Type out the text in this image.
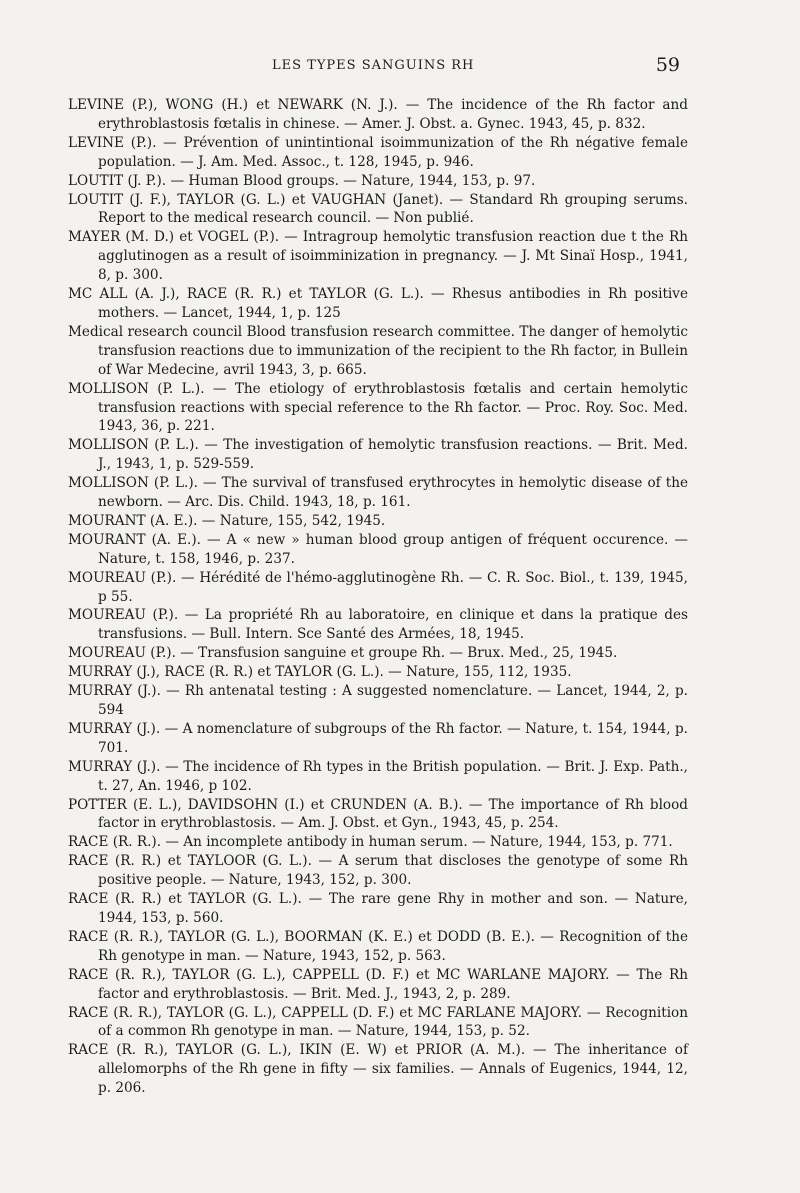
LES TYPES SANGUINS RH	59

LEVINE (P.), WONG (H.) et NEWARK (N. J.). — The incidence of the Rh factor and erythroblastosis fœtalis in chinese. — Amer. J. Obst. a. Gynec. 1943, 45, p. 832.

LEVINE (P.). — Prévention of unintintional isoimmunization of the Rh négative female population. — J. Am. Med. Assoc., t. 128, 1945, p. 946.

LOUTIT (J. P.). — Human Blood groups. — Nature, 1944, 153, p. 97.

LOUTIT (J. F.), TAYLOR (G. L.) et VAUGHAN (Janet). — Standard Rh grouping serums. Report to the medical research council. — Non publié.

MAYER (M. D.) et VOGEL (P.). — Intragroup hemolytic transfusion reaction due t the Rh agglutinogen as a result of isoimminization in pregnancy. — J. Mt Sinaï Hosp., 1941, 8, p. 300.

MC ALL (A. J.), RACE (R. R.) et TAYLOR (G. L.). — Rhesus antibodies in Rh positive mothers. — Lancet, 1944, 1, p. 125

Medical research council Blood transfusion research committee. The danger of hemolytic transfusion reactions due to immunization of the recipient to the Rh factor, in Bullein of War Medecine, avril 1943, 3, p. 665.

MOLLISON (P. L.). — The etiology of erythroblastosis fœtalis and certain hemolytic transfusion reactions with special reference to the Rh factor. — Proc. Roy. Soc. Med. 1943, 36, p. 221.

MOLLISON (P. L.). — The investigation of hemolytic transfusion reactions. — Brit. Med. J., 1943, 1, p. 529-559.

MOLLISON (P. L.). — The survival of transfused erythrocytes in hemolytic disease of the newborn. — Arc. Dis. Child. 1943, 18, p. 161.

MOURANT (A. E.). — Nature, 155, 542, 1945.

MOURANT (A. E.). — A « new » human blood group antigen of fréquent occurence. — Nature, t. 158, 1946, p. 237.

MOUREAU (P.). — Hérédité de l'hémo-agglutinogène Rh. — C. R. Soc. Biol., t. 139, 1945, p 55.

MOUREAU (P.). — La propriété Rh au laboratoire, en clinique et dans la pratique des transfusions. — Bull. Intern. Sce Santé des Armées, 18, 1945.

MOUREAU (P.). — Transfusion sanguine et groupe Rh. — Brux. Med., 25, 1945.

MURRAY (J.), RACE (R. R.) et TAYLOR (G. L.). — Nature, 155, 112, 1935.

MURRAY (J.). — Rh antenatal testing : A suggested nomenclature. — Lancet, 1944, 2, p. 594

MURRAY (J.). — A nomenclature of subgroups of the Rh factor. — Nature, t. 154, 1944, p. 701.

MURRAY (J.). — The incidence of Rh types in the British population. — Brit. J. Exp. Path., t. 27, An. 1946, p 102.

POTTER (E. L.), DAVIDSOHN (I.) et CRUNDEN (A. B.). — The importance of Rh blood factor in erythroblastosis. — Am. J. Obst. et Gyn., 1943, 45, p. 254.

RACE (R. R.). — An incomplete antibody in human serum. — Nature, 1944, 153, p. 771.

RACE (R. R.) et TAYLOOR (G. L.). — A serum that discloses the genotype of some Rh positive people. — Nature, 1943, 152, p. 300.

RACE (R. R.) et TAYLOR (G. L.). — The rare gene Rhy in mother and son. — Nature, 1944, 153, p. 560.

RACE (R. R.), TAYLOR (G. L.), BOORMAN (K. E.) et DODD (B. E.). — Recognition of the Rh genotype in man. — Nature, 1943, 152, p. 563.

RACE (R. R.), TAYLOR (G. L.), CAPPELL (D. F.) et MC WARLANE MAJORY. — The Rh factor and erythroblastosis. — Brit. Med. J., 1943, 2, p. 289.

RACE (R. R.), TAYLOR (G. L.), CAPPELL (D. F.) et MC FARLANE MAJORY. — Recognition of a common Rh genotype in man. — Nature, 1944, 153, p. 52.

RACE (R. R.), TAYLOR (G. L.), IKIN (E. W) et PRIOR (A. M.). — The inheritance of allelomorphs of the Rh gene in fifty — six families. — Annals of Eugenics, 1944, 12, p. 206.
